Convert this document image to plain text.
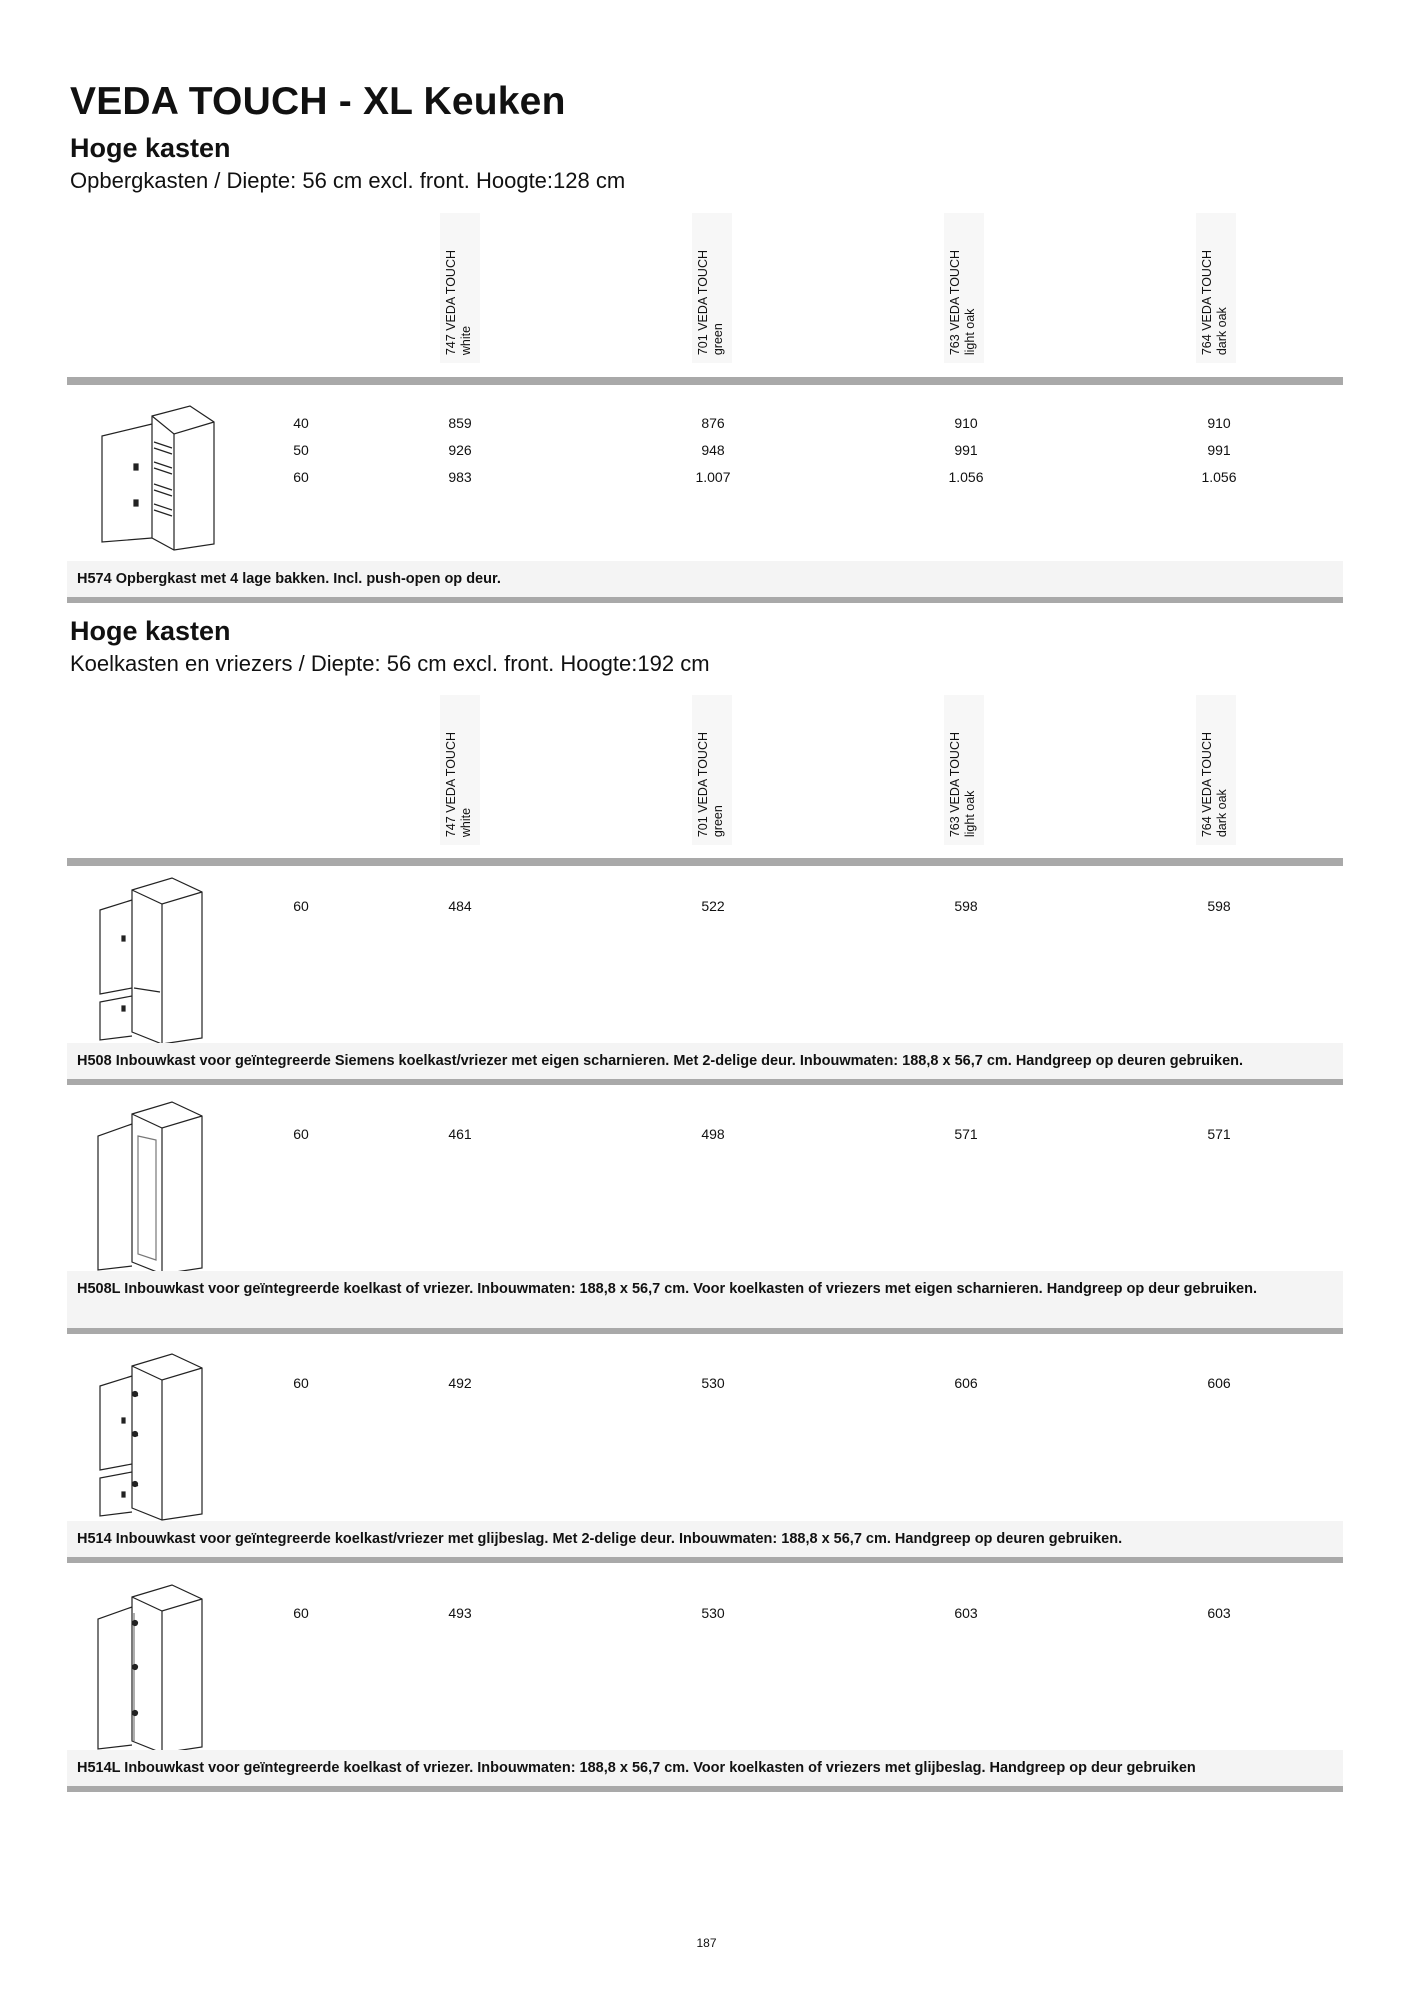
VEDA TOUCH - XL Keuken
Hoge kasten
Opbergkasten / Diepte: 56 cm excl. front. Hoogte:128 cm
747 VEDA TOUCH white	701 VEDA TOUCH green	763 VEDA TOUCH light oak	764 VEDA TOUCH dark oak
40	859	876	910	910
50	926	948	991	991
60	983	1.007	1.056	1.056
H574 Opbergkast met 4 lage bakken. Incl. push-open op deur.
Hoge kasten
Koelkasten en vriezers / Diepte: 56 cm excl. front. Hoogte:192 cm
747 VEDA TOUCH white	701 VEDA TOUCH green	763 VEDA TOUCH light oak	764 VEDA TOUCH dark oak
60	484	522	598	598
H508 Inbouwkast voor geïntegreerde Siemens koelkast/vriezer met eigen scharnieren. Met 2-delige deur. Inbouwmaten: 188,8 x 56,7 cm. Handgreep op deuren gebruiken.
60	461	498	571	571
H508L Inbouwkast voor geïntegreerde koelkast of vriezer. Inbouwmaten: 188,8 x 56,7 cm. Voor koelkasten of vriezers met eigen scharnieren. Handgreep op deur gebruiken.
60	492	530	606	606
H514 Inbouwkast voor geïntegreerde koelkast/vriezer met glijbeslag. Met 2-delige deur. Inbouwmaten: 188,8 x 56,7 cm. Handgreep op deuren gebruiken.
60	493	530	603	603
H514L Inbouwkast voor geïntegreerde koelkast of vriezer. Inbouwmaten: 188,8 x 56,7 cm. Voor koelkasten of vriezers met glijbeslag. Handgreep op deur gebruiken
187
